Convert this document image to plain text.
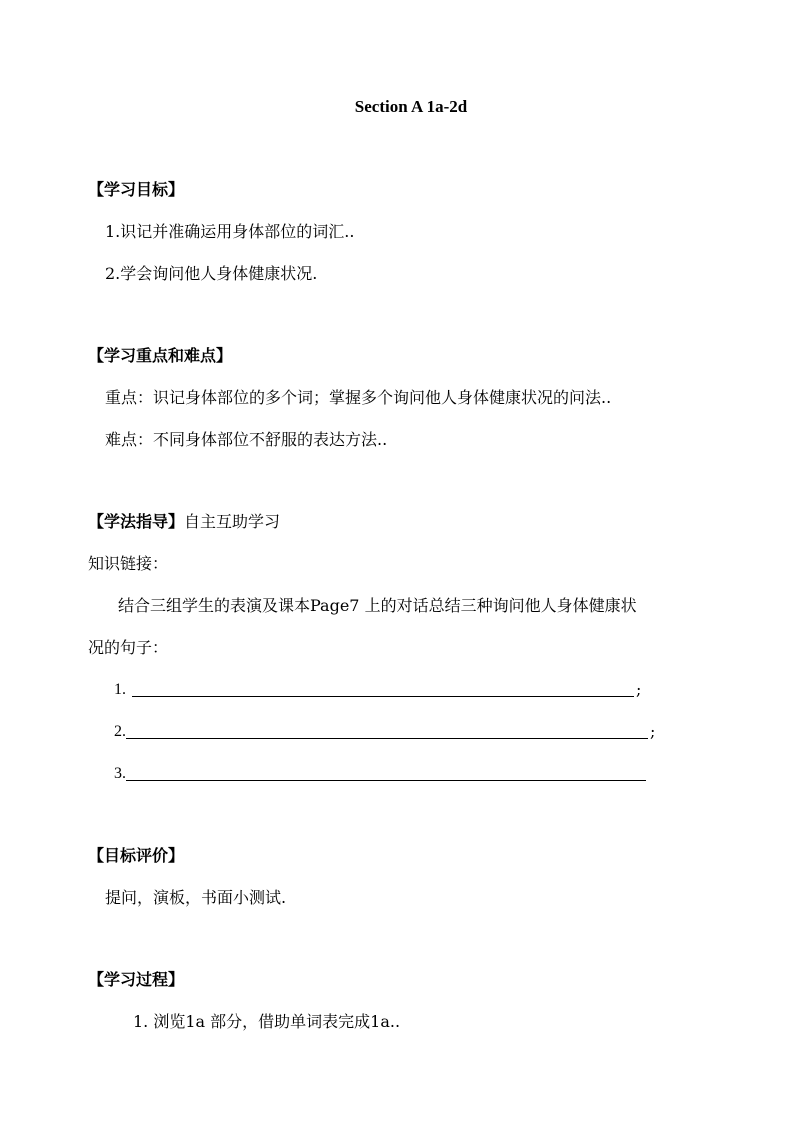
Section A 1a-2d
【学习目标】
1.识记并准确运用身体部位的词汇..
2.学会询问他人身体健康状况.
【学习重点和难点】
重点：识记身体部位的多个词；掌握多个询问他人身体健康状况的问法..
难点：不同身体部位不舒服的表达方法..
【学法指导】自主互助学习
知识链接：
结合三组学生的表演及课本Page7 上的对话总结三种询问他人身体健康状
况的句子：
1.	;
2.	;
3.
【目标评价】
提问，演板，书面小测试.
【学习过程】
1. 浏览1a 部分，借助单词表完成1a..
